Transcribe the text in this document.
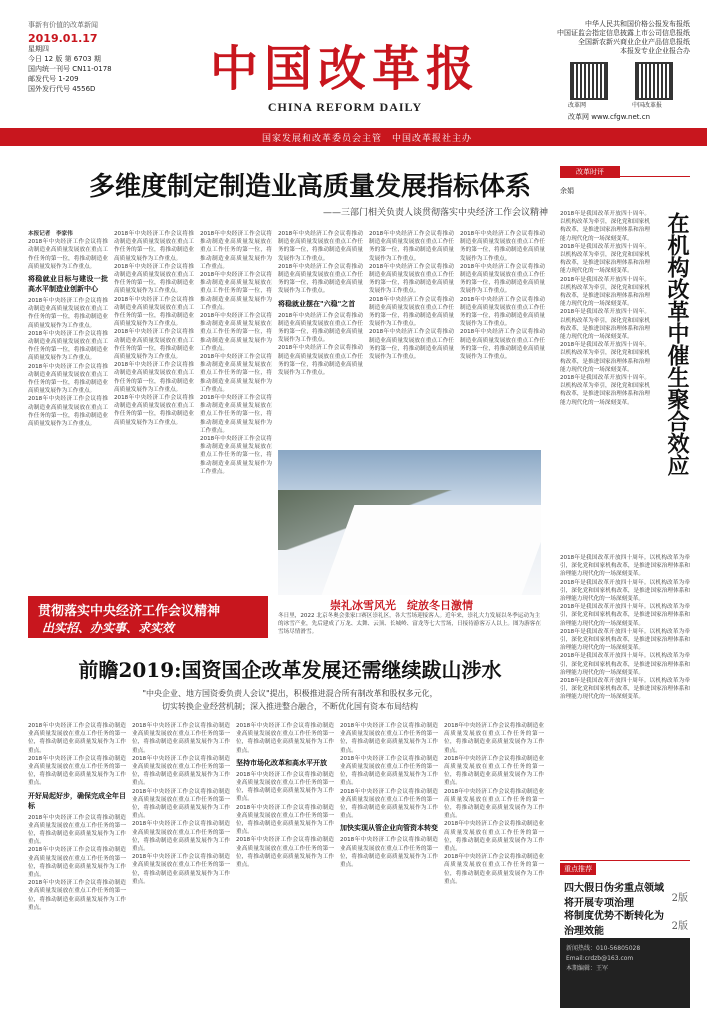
事新有价值的改革新闻
2019.01.17
星期四
今日 12 版 第 6703 期
国内统一刊号 CN11-0178
邮发代号 1-209
国外发行代号 4556D	中国改革报
CHINA REFORM DAILY
中华人民共和国价格公报发布报纸
中国证监会指定信息披露上市公司信息报纸
全国新农新兴商业企业产品信息报纸
本报发专业企业报合办
改革网	中国改革报
改革网 www.cfgw.net.cn
国家发展和改革委员会主管　中国改革报社主办
多维度制定制造业高质量发展指标体系
——三部门相关负责人谈贯彻落实中央经济工作会议精神
本报记者　李家伟
2018年中央经济工作会议将推动制造业高质量发展放在重点工作任务的第一位，将推动制造业高质量发展作为工作重点。
将稳就业目标与建设一批高水平制造业创新中心
2018年中央经济工作会议将推动制造业高质量发展放在重点工作任务的第一位，将推动制造业高质量发展作为工作重点。
2018年中央经济工作会议将推动制造业高质量发展放在重点工作任务的第一位，将推动制造业高质量发展作为工作重点。
2018年中央经济工作会议将推动制造业高质量发展放在重点工作任务的第一位，将推动制造业高质量发展作为工作重点。
2018年中央经济工作会议将推动制造业高质量发展放在重点工作任务的第一位，将推动制造业高质量发展作为工作重点。
2018年中央经济工作会议将推动制造业高质量发展放在重点工作任务的第一位，将推动制造业高质量发展作为工作重点。
2018年中央经济工作会议将推动制造业高质量发展放在重点工作任务的第一位，将推动制造业高质量发展作为工作重点。
2018年中央经济工作会议将推动制造业高质量发展放在重点工作任务的第一位，将推动制造业高质量发展作为工作重点。
2018年中央经济工作会议将推动制造业高质量发展放在重点工作任务的第一位，将推动制造业高质量发展作为工作重点。
2018年中央经济工作会议将推动制造业高质量发展放在重点工作任务的第一位，将推动制造业高质量发展作为工作重点。
2018年中央经济工作会议将推动制造业高质量发展放在重点工作任务的第一位，将推动制造业高质量发展作为工作重点。
2018年中央经济工作会议将推动制造业高质量发展放在重点工作任务的第一位，将推动制造业高质量发展作为工作重点。
2018年中央经济工作会议将推动制造业高质量发展放在重点工作任务的第一位，将推动制造业高质量发展作为工作重点。
2018年中央经济工作会议将推动制造业高质量发展放在重点工作任务的第一位，将推动制造业高质量发展作为工作重点。
2018年中央经济工作会议将推动制造业高质量发展放在重点工作任务的第一位，将推动制造业高质量发展作为工作重点。
2018年中央经济工作会议将推动制造业高质量发展放在重点工作任务的第一位，将推动制造业高质量发展作为工作重点。
2018年中央经济工作会议将推动制造业高质量发展放在重点工作任务的第一位，将推动制造业高质量发展作为工作重点。
2018年中央经济工作会议将推动制造业高质量发展放在重点工作任务的第一位，将推动制造业高质量发展作为工作重点。
2018年中央经济工作会议将推动制造业高质量发展放在重点工作任务的第一位，将推动制造业高质量发展作为工作重点。
将稳就业摆在"六稳"之首
2018年中央经济工作会议将推动制造业高质量发展放在重点工作任务的第一位，将推动制造业高质量发展作为工作重点。
2018年中央经济工作会议将推动制造业高质量发展放在重点工作任务的第一位，将推动制造业高质量发展作为工作重点。
2018年中央经济工作会议将推动制造业高质量发展放在重点工作任务的第一位，将推动制造业高质量发展作为工作重点。
2018年中央经济工作会议将推动制造业高质量发展放在重点工作任务的第一位，将推动制造业高质量发展作为工作重点。
2018年中央经济工作会议将推动制造业高质量发展放在重点工作任务的第一位，将推动制造业高质量发展作为工作重点。
2018年中央经济工作会议将推动制造业高质量发展放在重点工作任务的第一位，将推动制造业高质量发展作为工作重点。
2018年中央经济工作会议将推动制造业高质量发展放在重点工作任务的第一位，将推动制造业高质量发展作为工作重点。
2018年中央经济工作会议将推动制造业高质量发展放在重点工作任务的第一位，将推动制造业高质量发展作为工作重点。
2018年中央经济工作会议将推动制造业高质量发展放在重点工作任务的第一位，将推动制造业高质量发展作为工作重点。
2018年中央经济工作会议将推动制造业高质量发展放在重点工作任务的第一位，将推动制造业高质量发展作为工作重点。
崇礼冰雪风光　绽放冬日激情
冬日里，2022 北京冬奥会张家口赛区崇礼区，各大雪场迎接客人。近年来，崇礼大力发展以冬季运动为主的冰雪产业，先后建成了万龙、太舞、云顶、长城岭、富龙等七大雪场，日接待游客万人以上。图为游客在雪场尽情滑雪。
贯彻落实中央经济工作会议精神
出实招、办实事、求实效
前瞻2019:国资国企改革发展还需继续跋山涉水
"中央企业、地方国资委负责人会议"提出，积极推进混合所有制改革和股权多元化，
切实转换企业经营机制；深入推进整合融合，不断优化国有资本布局结构
2018年中央经济工作会议将推动制造业高质量发展放在重点工作任务的第一位，将推动制造业高质量发展作为工作重点。
2018年中央经济工作会议将推动制造业高质量发展放在重点工作任务的第一位，将推动制造业高质量发展作为工作重点。
开好局起好步，确保完成全年目标
2018年中央经济工作会议将推动制造业高质量发展放在重点工作任务的第一位，将推动制造业高质量发展作为工作重点。
2018年中央经济工作会议将推动制造业高质量发展放在重点工作任务的第一位，将推动制造业高质量发展作为工作重点。
2018年中央经济工作会议将推动制造业高质量发展放在重点工作任务的第一位，将推动制造业高质量发展作为工作重点。
2018年中央经济工作会议将推动制造业高质量发展放在重点工作任务的第一位，将推动制造业高质量发展作为工作重点。
2018年中央经济工作会议将推动制造业高质量发展放在重点工作任务的第一位，将推动制造业高质量发展作为工作重点。
2018年中央经济工作会议将推动制造业高质量发展放在重点工作任务的第一位，将推动制造业高质量发展作为工作重点。
2018年中央经济工作会议将推动制造业高质量发展放在重点工作任务的第一位，将推动制造业高质量发展作为工作重点。
2018年中央经济工作会议将推动制造业高质量发展放在重点工作任务的第一位，将推动制造业高质量发展作为工作重点。
2018年中央经济工作会议将推动制造业高质量发展放在重点工作任务的第一位，将推动制造业高质量发展作为工作重点。
坚持市场化改革和高水平开放
2018年中央经济工作会议将推动制造业高质量发展放在重点工作任务的第一位，将推动制造业高质量发展作为工作重点。
2018年中央经济工作会议将推动制造业高质量发展放在重点工作任务的第一位，将推动制造业高质量发展作为工作重点。
2018年中央经济工作会议将推动制造业高质量发展放在重点工作任务的第一位，将推动制造业高质量发展作为工作重点。
2018年中央经济工作会议将推动制造业高质量发展放在重点工作任务的第一位，将推动制造业高质量发展作为工作重点。
2018年中央经济工作会议将推动制造业高质量发展放在重点工作任务的第一位，将推动制造业高质量发展作为工作重点。
2018年中央经济工作会议将推动制造业高质量发展放在重点工作任务的第一位，将推动制造业高质量发展作为工作重点。
加快实现从管企业向管资本转变
2018年中央经济工作会议将推动制造业高质量发展放在重点工作任务的第一位，将推动制造业高质量发展作为工作重点。
2018年中央经济工作会议将推动制造业高质量发展放在重点工作任务的第一位，将推动制造业高质量发展作为工作重点。
2018年中央经济工作会议将推动制造业高质量发展放在重点工作任务的第一位，将推动制造业高质量发展作为工作重点。
2018年中央经济工作会议将推动制造业高质量发展放在重点工作任务的第一位，将推动制造业高质量发展作为工作重点。
2018年中央经济工作会议将推动制造业高质量发展放在重点工作任务的第一位，将推动制造业高质量发展作为工作重点。
2018年中央经济工作会议将推动制造业高质量发展放在重点工作任务的第一位，将推动制造业高质量发展作为工作重点。
改革时评
余娟
在机构改革中催生聚合效应
2018年是我国改革开放四十周年。以机构改革为牵引，深化党和国家机构改革，是推进国家治理体系和治理能力现代化的一场深刻变革。
2018年是我国改革开放四十周年。以机构改革为牵引，深化党和国家机构改革，是推进国家治理体系和治理能力现代化的一场深刻变革。
2018年是我国改革开放四十周年。以机构改革为牵引，深化党和国家机构改革，是推进国家治理体系和治理能力现代化的一场深刻变革。
2018年是我国改革开放四十周年。以机构改革为牵引，深化党和国家机构改革，是推进国家治理体系和治理能力现代化的一场深刻变革。
2018年是我国改革开放四十周年。以机构改革为牵引，深化党和国家机构改革，是推进国家治理体系和治理能力现代化的一场深刻变革。
2018年是我国改革开放四十周年。以机构改革为牵引，深化党和国家机构改革，是推进国家治理体系和治理能力现代化的一场深刻变革。
2018年是我国改革开放四十周年。以机构改革为牵引，深化党和国家机构改革，是推进国家治理体系和治理能力现代化的一场深刻变革。
2018年是我国改革开放四十周年。以机构改革为牵引，深化党和国家机构改革，是推进国家治理体系和治理能力现代化的一场深刻变革。
2018年是我国改革开放四十周年。以机构改革为牵引，深化党和国家机构改革，是推进国家治理体系和治理能力现代化的一场深刻变革。
2018年是我国改革开放四十周年。以机构改革为牵引，深化党和国家机构改革，是推进国家治理体系和治理能力现代化的一场深刻变革。
2018年是我国改革开放四十周年。以机构改革为牵引，深化党和国家机构改革，是推进国家治理体系和治理能力现代化的一场深刻变革。
2018年是我国改革开放四十周年。以机构改革为牵引，深化党和国家机构改革，是推进国家治理体系和治理能力现代化的一场深刻变革。
重点推荐
四大假日伪劣重点领域将开展专项治理	2版
将制度优势不断转化为治理效能	2版
新闻热线：010-56805028
Email:crdzb@163.com
本期编辑：王军
